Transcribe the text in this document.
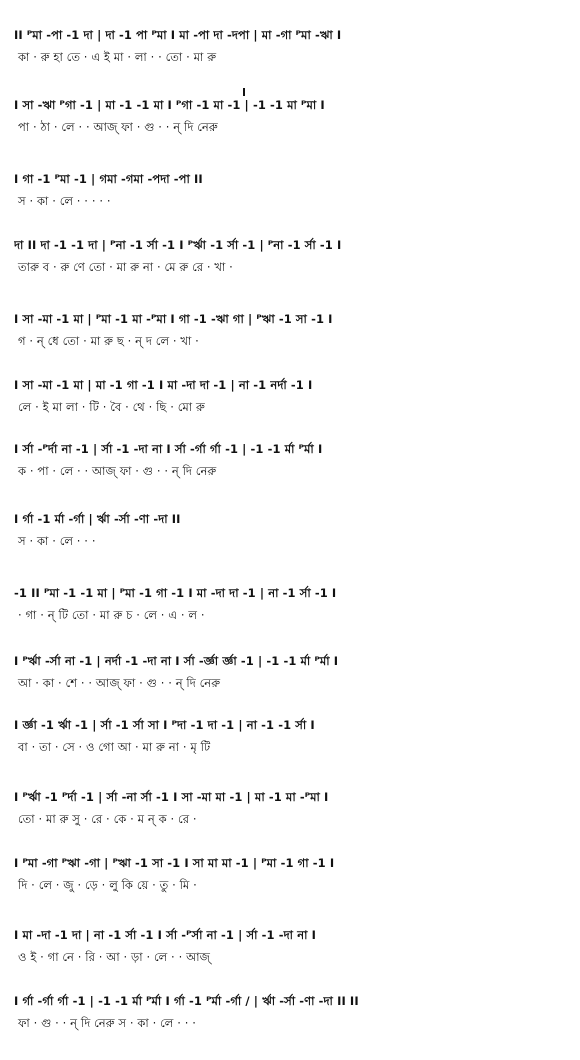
II ᴾমা -পা -1 দা | দা -1 পা ᴾমা I মা -পা দা -দপা | মা -গা ᴾমা -ঋা I
কা · রু হা তে · এ ই মা · লা · · তো · মা রু
I সা -ঋা ᴾগা -1 | মা -1 -1 মা I ᴾগা -1 মা -1 | -1 -1 মা ᴾমা I
পা · ঠা · লে · · আজ্ ফা · গু · · ন্ দি নেরু
I গা -1 ᴾমা -1 | গমা -গমা -পদা -পা II
স · কা · লে · · · · ·
দা II দা -1 -1 দা | ᴾনা -1 র্সা -1 I ᴾর্ঋা -1 র্সা -1 | ᴾনা -1 র্সা -1 I
তারু ব · রু ণে তো · মা রু না · মে রু রে · খা ·
I সা -মা -1 মা | ᴾমা -1 মা -ᴾমা I গা -1 -ঋা গা | ᴾঋা -1 সা -1 I
গ · ন্ ধে তো · মা রু ছ · ন্ দ লে · খা ·
I সা -মা -1 মা | মা -1 গা -1 I মা -দা দা -1 | না -1 নর্দা -1 I
লে · ই মা লা · টি · বৈ · থে · ছি · মো রু
I র্সা -ᴾর্দা না -1 | র্সা -1 -দা না I র্সা -র্গা র্গা -1 | -1 -1 র্মা ᴾর্মা I
ক · পা · লে · · আজ্ ফা · গু · · ন্ দি নেরু
I র্গা -1 র্মা -র্গা | র্ঋা -র্সা -ণা -দা II
স · কা · লে · · ·
-1 II ᴾমা -1 -1 মা | ᴾমা -1 গা -1 I মা -দা দা -1 | না -1 র্সা -1 I
· গা · ন্ টি তো · মা রু চ · লে · এ · ল ·
I ᴾর্ঋা -র্সা না -1 | নর্দা -1 -দা না I র্সা -র্জ্ঞা র্জ্ঞা -1 | -1 -1 র্মা ᴾর্মা I
আ · কা · শে · · আজ্ ফা · গু · · ন্ দি নেরু
I র্জ্ঞা -1 র্ঋা -1 | র্সা -1 র্সা সা I ᴾদা -1 দা -1 | না -1 -1 র্সা I
বা · তা · সে · ও গো আ · মা রু না · মৃ টি
I ᴾর্ঋা -1 ᴾর্দা -1 | র্সা -না র্সা -1 I সা -মা মা -1 | মা -1 মা -ᴾমা I
তো · মা রু সু · রে · কে · ম ন্ ক · রে ·
I ᴾমা -গা ᴾঋা -গা | ᴾঋা -1 সা -1 I সা মা মা -1 | ᴾমা -1 গা -1 I
দি · লে · জু · ড়ে · লু কি য়ে · তু · মি ·
I মা -দা -1 দা | না -1 র্সা -1 I র্সা -ᴾর্সা না -1 | র্সা -1 -দা না I
ও ই · গা নে · রি · আ · ড়া · লে · · আজ্
I র্গা -র্গা র্গা -1 | -1 -1 র্মা ᴾর্মা I র্গা -1 ᴾর্মা -র্গা / | র্ঋা -র্সা -ণা -দা II II
ফা · গু · · ন্ দি নেরু স · কা · লে · · ·
